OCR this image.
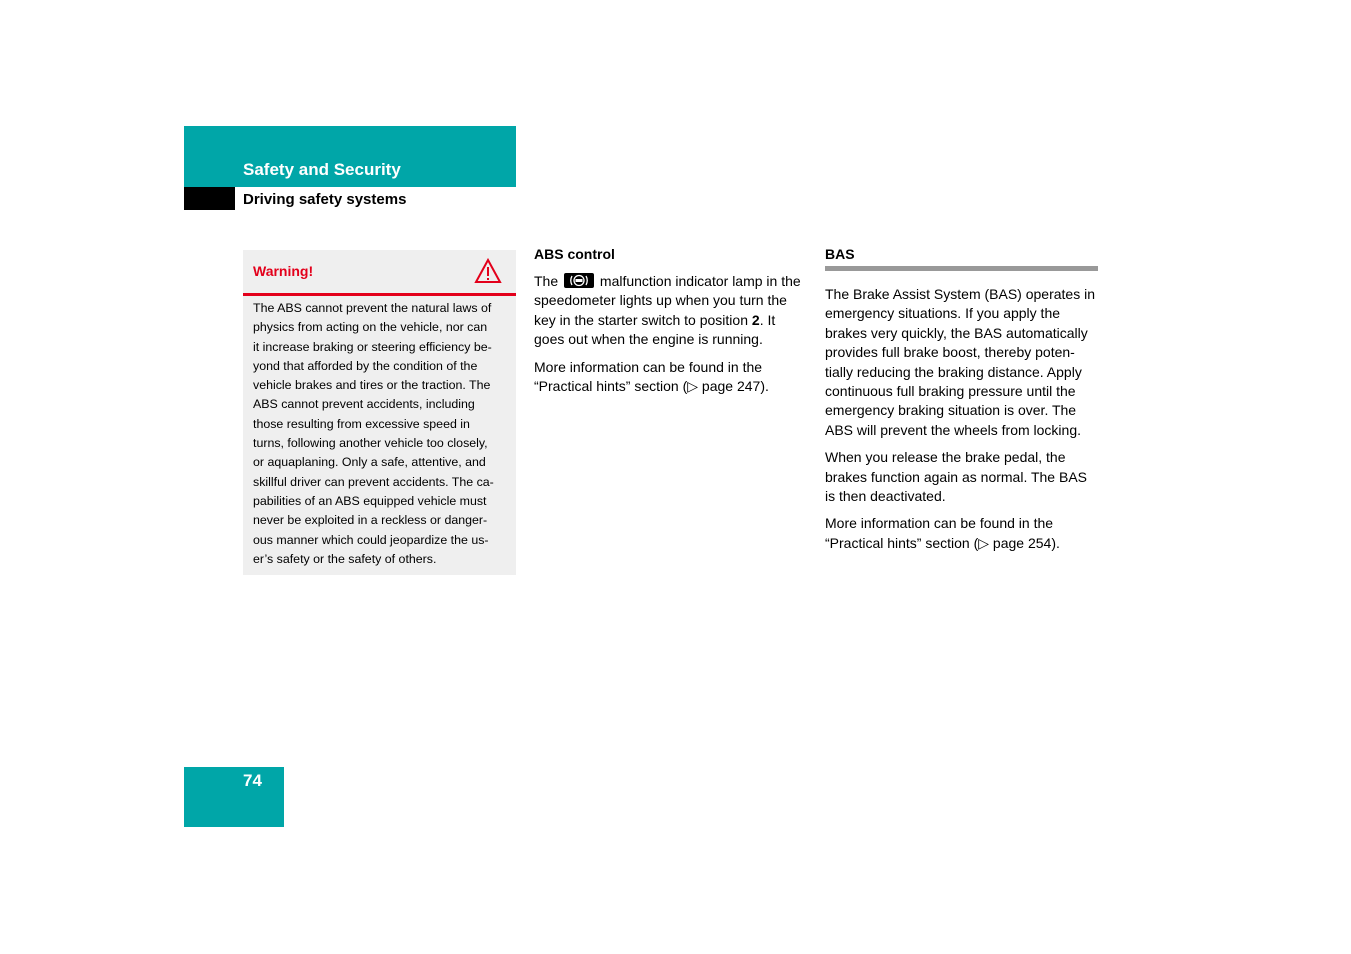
Safety and Security
Driving safety systems
Warning!
The ABS cannot prevent the natural laws of
physics from acting on the vehicle, nor can
it increase braking or steering efficiency be-
yond that afforded by the condition of the
vehicle brakes and tires or the traction. The
ABS cannot prevent accidents, including
those resulting from excessive speed in
turns, following another vehicle too closely,
or aquaplaning. Only a safe, attentive, and
skillful driver can prevent accidents. The ca-
pabilities of an ABS equipped vehicle must
never be exploited in a reckless or danger-
ous manner which could jeopardize the us-
er’s safety or the safety of others.
ABS control

The	malfunction indicator lamp in the speedometer lights up when you turn the key in the starter switch to position 2. It goes out when the engine is running.

More information can be found in the “Practical hints” section (▷ page 247).

BAS

The Brake Assist System (BAS) operates in emergency situations. If you apply the brakes very quickly, the BAS automatically provides full brake boost, thereby poten-tially reducing the braking distance. Apply continuous full braking pressure until the emergency braking situation is over. The ABS will prevent the wheels from locking.

When you release the brake pedal, the brakes function again as normal. The BAS is then deactivated.

More information can be found in the “Practical hints” section (▷ page 254).

74
